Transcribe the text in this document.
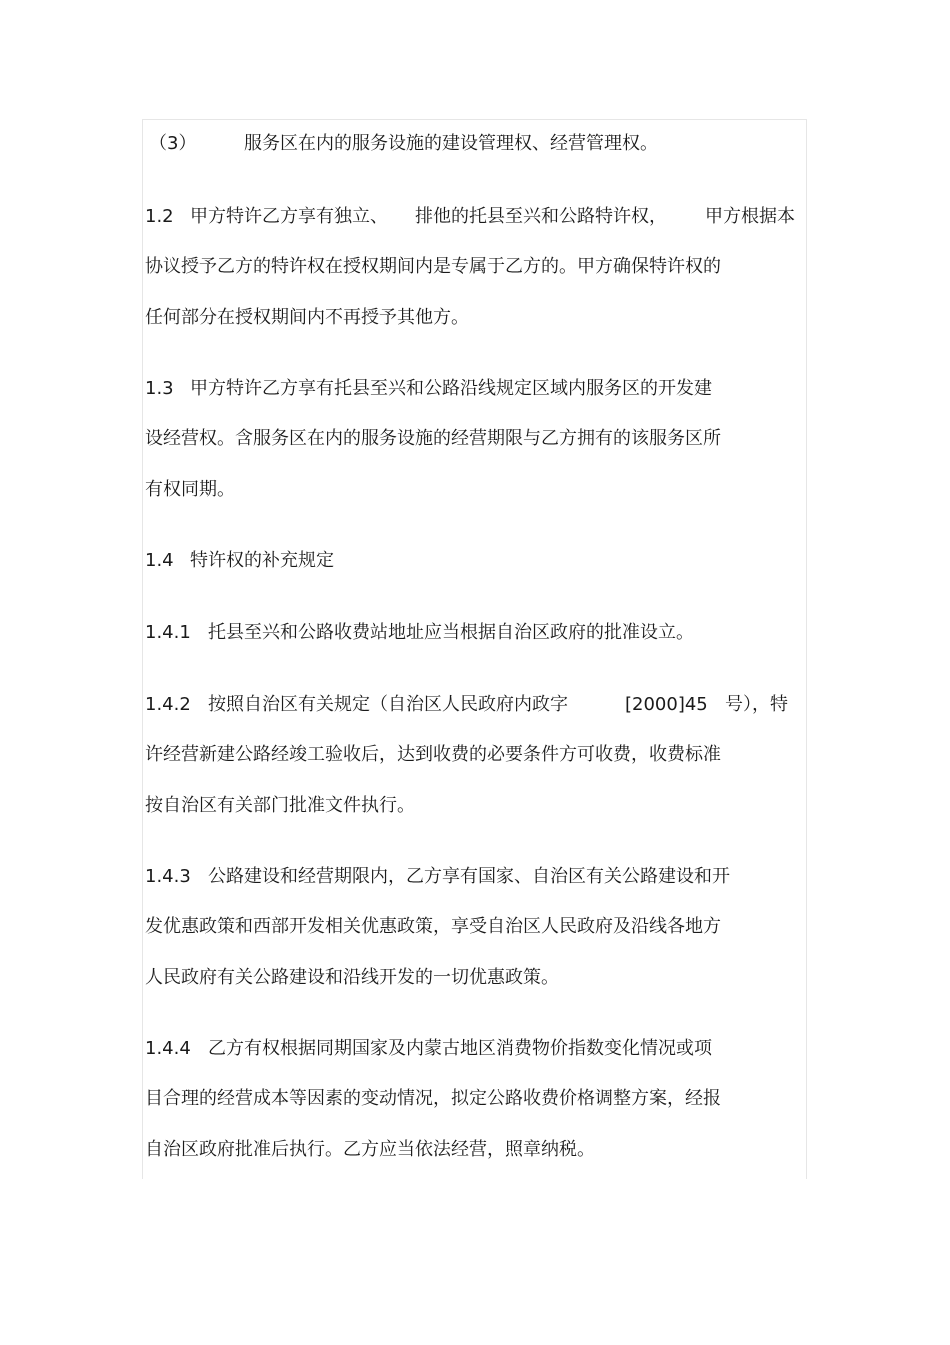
（3）	服务区在内的服务设施的建设管理权、经营管理权。
1.2 甲方特许乙方享有独立、 排他的托县至兴和公路特许权， 甲方根据本
协议授予乙方的特许权在授权期间内是专属于乙方的。甲方确保特许权的
任何部分在授权期间内不再授予其他方。
1.3 甲方特许乙方享有托县至兴和公路沿线规定区域内服务区的开发建
设经营权。含服务区在内的服务设施的经营期限与乙方拥有的该服务区所
有权同期。
1.4 特许权的补充规定
1.4.1 托县至兴和公路收费站地址应当根据自治区政府的批准设立。
1.4.2 按照自治区有关规定（自治区人民政府内政字	[2000]45 号），特
许经营新建公路经竣工验收后，达到收费的必要条件方可收费，收费标准
按自治区有关部门批准文件执行。
1.4.3 公路建设和经营期限内，乙方享有国家、自治区有关公路建设和开
发优惠政策和西部开发相关优惠政策，享受自治区人民政府及沿线各地方
人民政府有关公路建设和沿线开发的一切优惠政策。
1.4.4 乙方有权根据同期国家及内蒙古地区消费物价指数变化情况或项
目合理的经营成本等因素的变动情况，拟定公路收费价格调整方案，经报
自治区政府批准后执行。乙方应当依法经营，照章纳税。
